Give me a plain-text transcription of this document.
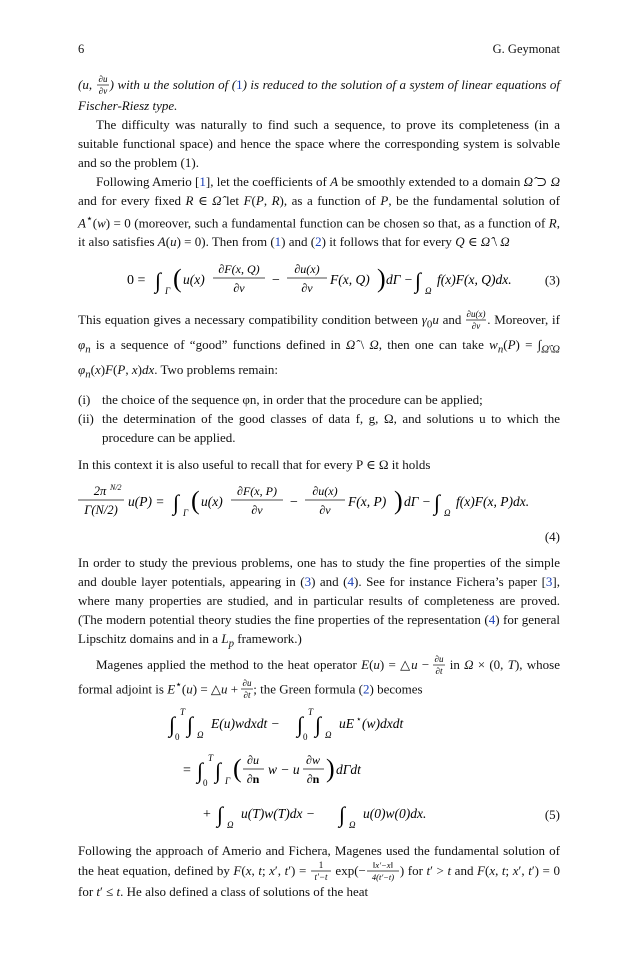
6	G. Geymonat

(u, ∂u
∂ν ) with u the solution of (1) is reduced to the solution of a system of linear equations of Fischer-Riesz type.

The difficulty was naturally to find such a sequence, to prove its completeness (in a suitable functional space) and hence the space where the corresponding system is solvable and so the problem (1).

Following Amerio [1], let the coefficients of A be smoothly extended to a domain Ω̂ ⊃ Ω and for every fixed R ∈ Ω̂ let F(P, R), as a function of P, be the fundamental solution of A⋆(w) = 0 (moreover, such a fundamental function can be chosen so that, as a function of R, it also satisfies A(u) = 0). Then from (1) and (2) it follows that for every Q ∈ Ω̂ \ Ω

0 = ∫ Γ ( u(x)
∂F(x, Q)
∂ν −
∂u(x)
∂ν
F(x, Q) ) dΓ − ∫ Ω
f(x)F(x, Q)dx.	(3)

This equation gives a necessary compatibility condition between $\gamma_0u$ and ∂u(x)
∂ν . Moreover, if $\varphi_n$ is a sequence of “good” functions defined in Ω̂ \ Ω, then one can take $w_n(P) = \int_{\Omegâ\backslash\Omega}$ $\varphi_n(x)F(P$, x)dx. Two problems remain:

(i) the choice of the sequence φn, in order that the procedure can be applied;
(ii) the determination of the good classes of data f, g, Ω, and solutions u to which the procedure can be applied.

In this context it is also useful to recall that for every P ∈ Ω it holds

2π N/2
Γ(N/2)
u(P) = ∫ Γ ( u(x)
∂F(x, P)
∂ν −
∂u(x)
∂ν
F(x, P) ) dΓ − ∫ Ω
f(x)F(x, P)dx.
(4)

In order to study the previous problems, one has to study the fine properties of the simple and double layer potentials, appearing in (3) and (4). See for instance Fichera’s paper [3], where many properties are studied, and in particular results of completeness are proved. (The modern potential theory studies the fine properties of the representation (4) for general Lipschitz domains and in a $L_p$ framework.)

Magenes applied the method to the heat operator E(u) = △u − ∂u
∂t in Ω × (0, T), whose formal adjoint is E⋆(u) = △u + ∂u
∂t ; the Green formula (2) becomes

∫ T
0 ∫ Ω
E(u)wdxdt − ∫ T
0 ∫ Ω
uE ⋆ (w)dxdt
= ∫ T
0 ∫ Γ ( ∂u
∂n
w − u
∂w
∂n ) dΓdt
+ ∫ Ω
u(T)w(T)dx − ∫ Ω
u(0)w(0)dx.	(5)

Following the approach of Amerio and Fichera, Magenes used the fundamental solution of the heat equation, defined by F(x, t; x′, t′) = 1
t′−t exp(− ‖x′−x‖
4(t′−t) ) for t′ > t and F(x, t; x′, t′) = 0 for t′ ≤ t. He also defined a class of solutions of the heat
